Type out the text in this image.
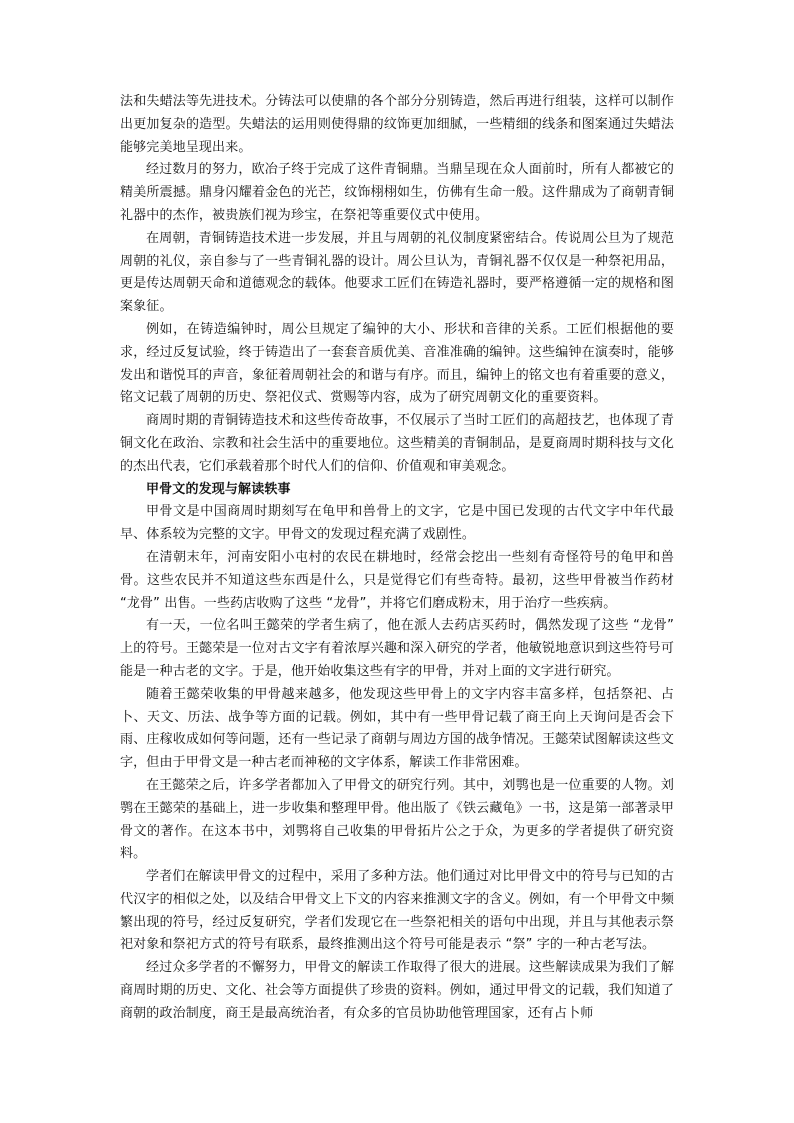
法和失蜡法等先进技术。分铸法可以使鼎的各个部分分别铸造，然后再进行组装，这样可以制作出更加复杂的造型。失蜡法的运用则使得鼎的纹饰更加细腻，一些精细的线条和图案通过失蜡法能够完美地呈现出来。

经过数月的努力，欧冶子终于完成了这件青铜鼎。当鼎呈现在众人面前时，所有人都被它的精美所震撼。鼎身闪耀着金色的光芒，纹饰栩栩如生，仿佛有生命一般。这件鼎成为了商朝青铜礼器中的杰作，被贵族们视为珍宝，在祭祀等重要仪式中使用。

在周朝，青铜铸造技术进一步发展，并且与周朝的礼仪制度紧密结合。传说周公旦为了规范周朝的礼仪，亲自参与了一些青铜礼器的设计。周公旦认为，青铜礼器不仅仅是一种祭祀用品，更是传达周朝天命和道德观念的载体。他要求工匠们在铸造礼器时，要严格遵循一定的规格和图案象征。

例如，在铸造编钟时，周公旦规定了编钟的大小、形状和音律的关系。工匠们根据他的要求，经过反复试验，终于铸造出了一套套音质优美、音准准确的编钟。这些编钟在演奏时，能够发出和谐悦耳的声音，象征着周朝社会的和谐与有序。而且，编钟上的铭文也有着重要的意义，铭文记载了周朝的历史、祭祀仪式、赏赐等内容，成为了研究周朝文化的重要资料。

商周时期的青铜铸造技术和这些传奇故事，不仅展示了当时工匠们的高超技艺，也体现了青铜文化在政治、宗教和社会生活中的重要地位。这些精美的青铜制品，是夏商周时期科技与文化的杰出代表，它们承载着那个时代人们的信仰、价值观和审美观念。

甲骨文的发现与解读轶事

甲骨文是中国商周时期刻写在龟甲和兽骨上的文字，它是中国已发现的古代文字中年代最早、体系较为完整的文字。甲骨文的发现过程充满了戏剧性。

在清朝末年，河南安阳小屯村的农民在耕地时，经常会挖出一些刻有奇怪符号的龟甲和兽骨。这些农民并不知道这些东西是什么，只是觉得它们有些奇特。最初，这些甲骨被当作药材 “龙骨” 出售。一些药店收购了这些 “龙骨”，并将它们磨成粉末，用于治疗一些疾病。

有一天，一位名叫王懿荣的学者生病了，他在派人去药店买药时，偶然发现了这些 “龙骨” 上的符号。王懿荣是一位对古文字有着浓厚兴趣和深入研究的学者，他敏锐地意识到这些符号可能是一种古老的文字。于是，他开始收集这些有字的甲骨，并对上面的文字进行研究。

随着王懿荣收集的甲骨越来越多，他发现这些甲骨上的文字内容丰富多样，包括祭祀、占卜、天文、历法、战争等方面的记载。例如，其中有一些甲骨记载了商王向上天询问是否会下雨、庄稼收成如何等问题，还有一些记录了商朝与周边方国的战争情况。王懿荣试图解读这些文字，但由于甲骨文是一种古老而神秘的文字体系，解读工作非常困难。

在王懿荣之后，许多学者都加入了甲骨文的研究行列。其中，刘鹗也是一位重要的人物。刘鹗在王懿荣的基础上，进一步收集和整理甲骨。他出版了《铁云藏龟》一书，这是第一部著录甲骨文的著作。在这本书中，刘鹗将自己收集的甲骨拓片公之于众，为更多的学者提供了研究资料。

学者们在解读甲骨文的过程中，采用了多种方法。他们通过对比甲骨文中的符号与已知的古代汉字的相似之处，以及结合甲骨文上下文的内容来推测文字的含义。例如，有一个甲骨文中频繁出现的符号，经过反复研究，学者们发现它在一些祭祀相关的语句中出现，并且与其他表示祭祀对象和祭祀方式的符号有联系，最终推测出这个符号可能是表示 “祭” 字的一种古老写法。

经过众多学者的不懈努力，甲骨文的解读工作取得了很大的进展。这些解读成果为我们了解商周时期的历史、文化、社会等方面提供了珍贵的资料。例如，通过甲骨文的记载，我们知道了商朝的政治制度，商王是最高统治者，有众多的官员协助他管理国家，还有占卜师
